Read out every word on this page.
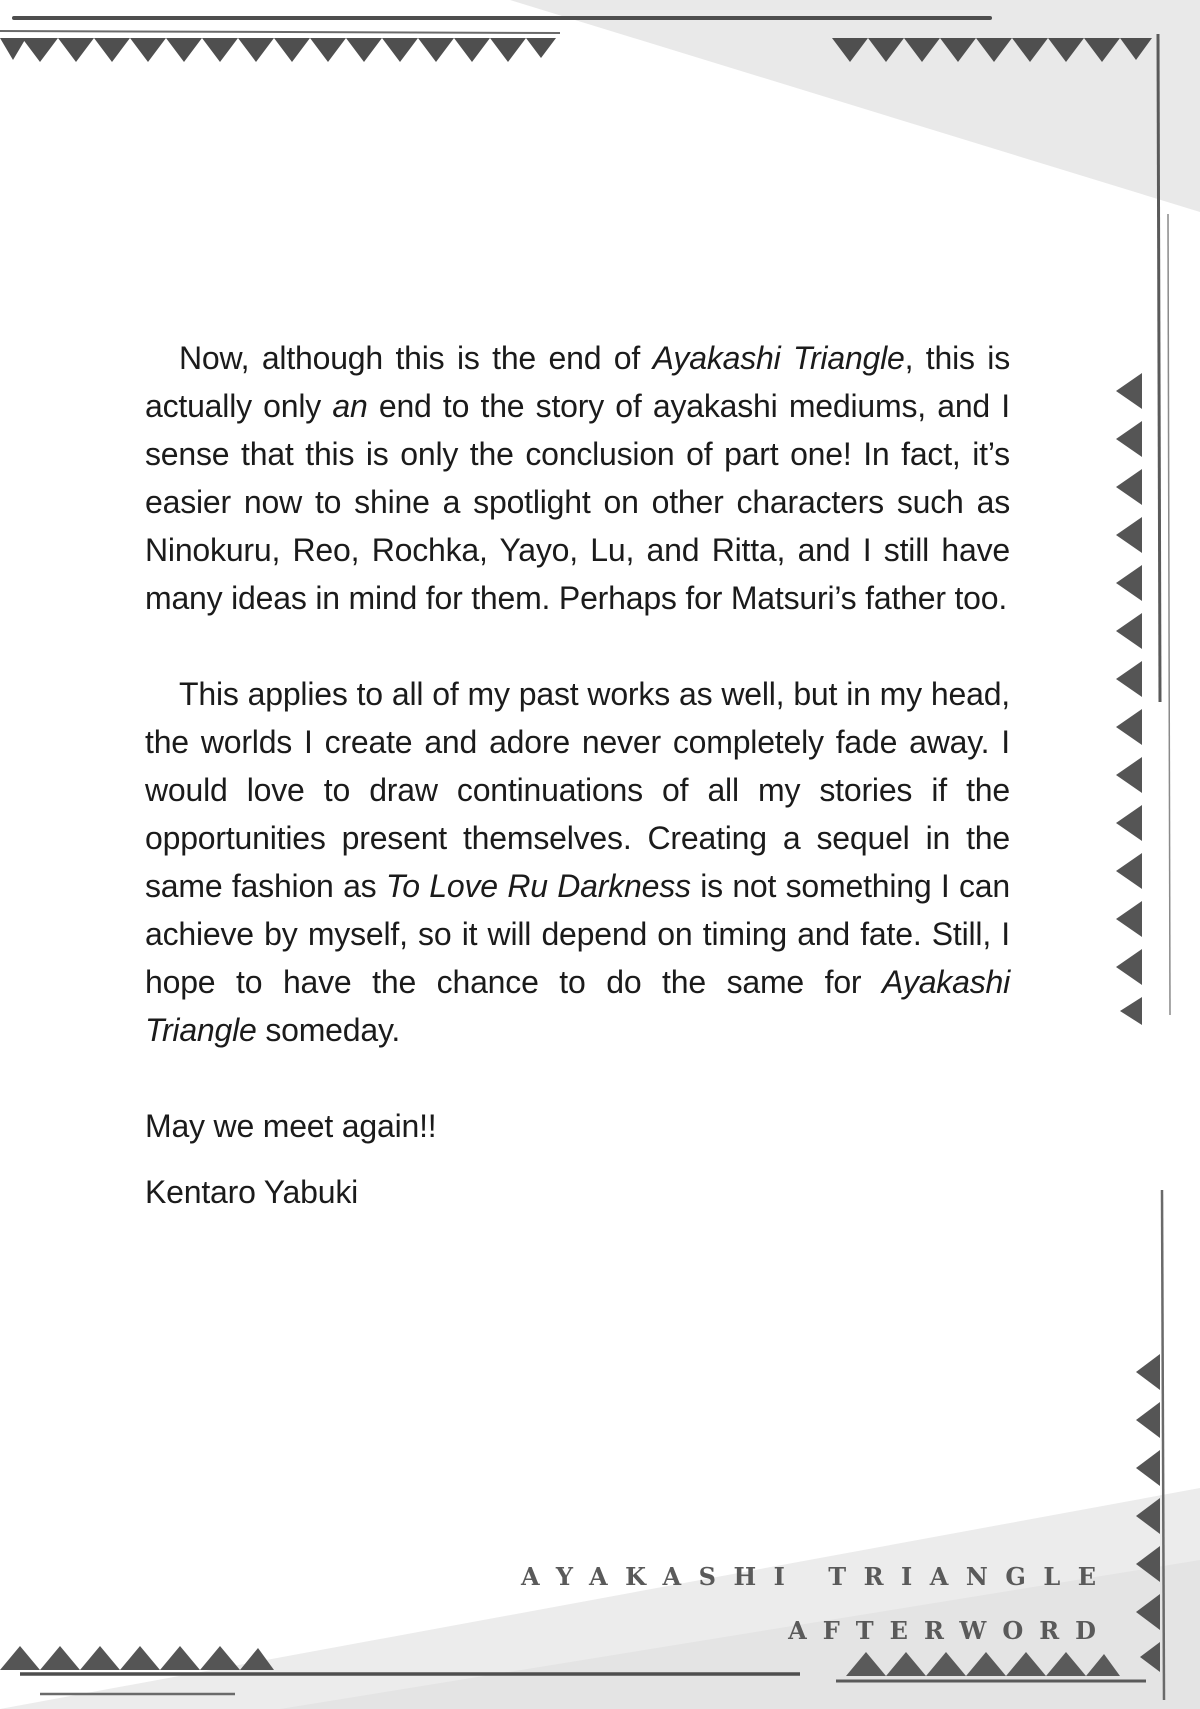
Now, although this is the end of Ayakashi Triangle, this is actually only an end to the story of ayakashi mediums, and I sense that this is only the conclusion of part one! In fact, it’s easier now to shine a spotlight on other characters such as Ninokuru, Reo, Rochka, Yayo, Lu, and Ritta, and I still have many ideas in mind for them. Perhaps for Matsuri’s father too.

This applies to all of my past works as well, but in my head, the worlds I create and adore never completely fade away. I would love to draw continuations of all my stories if the opportunities present themselves. Creating a sequel in the same fashion as To Love Ru Darkness is not something I can achieve by myself, so it will depend on timing and fate. Still, I hope to have the chance to do the same for Ayakashi Triangle someday.

May we meet again!!

Kentaro Yabuki

AYAKASHI TRIANGLE
AFTERWORD
